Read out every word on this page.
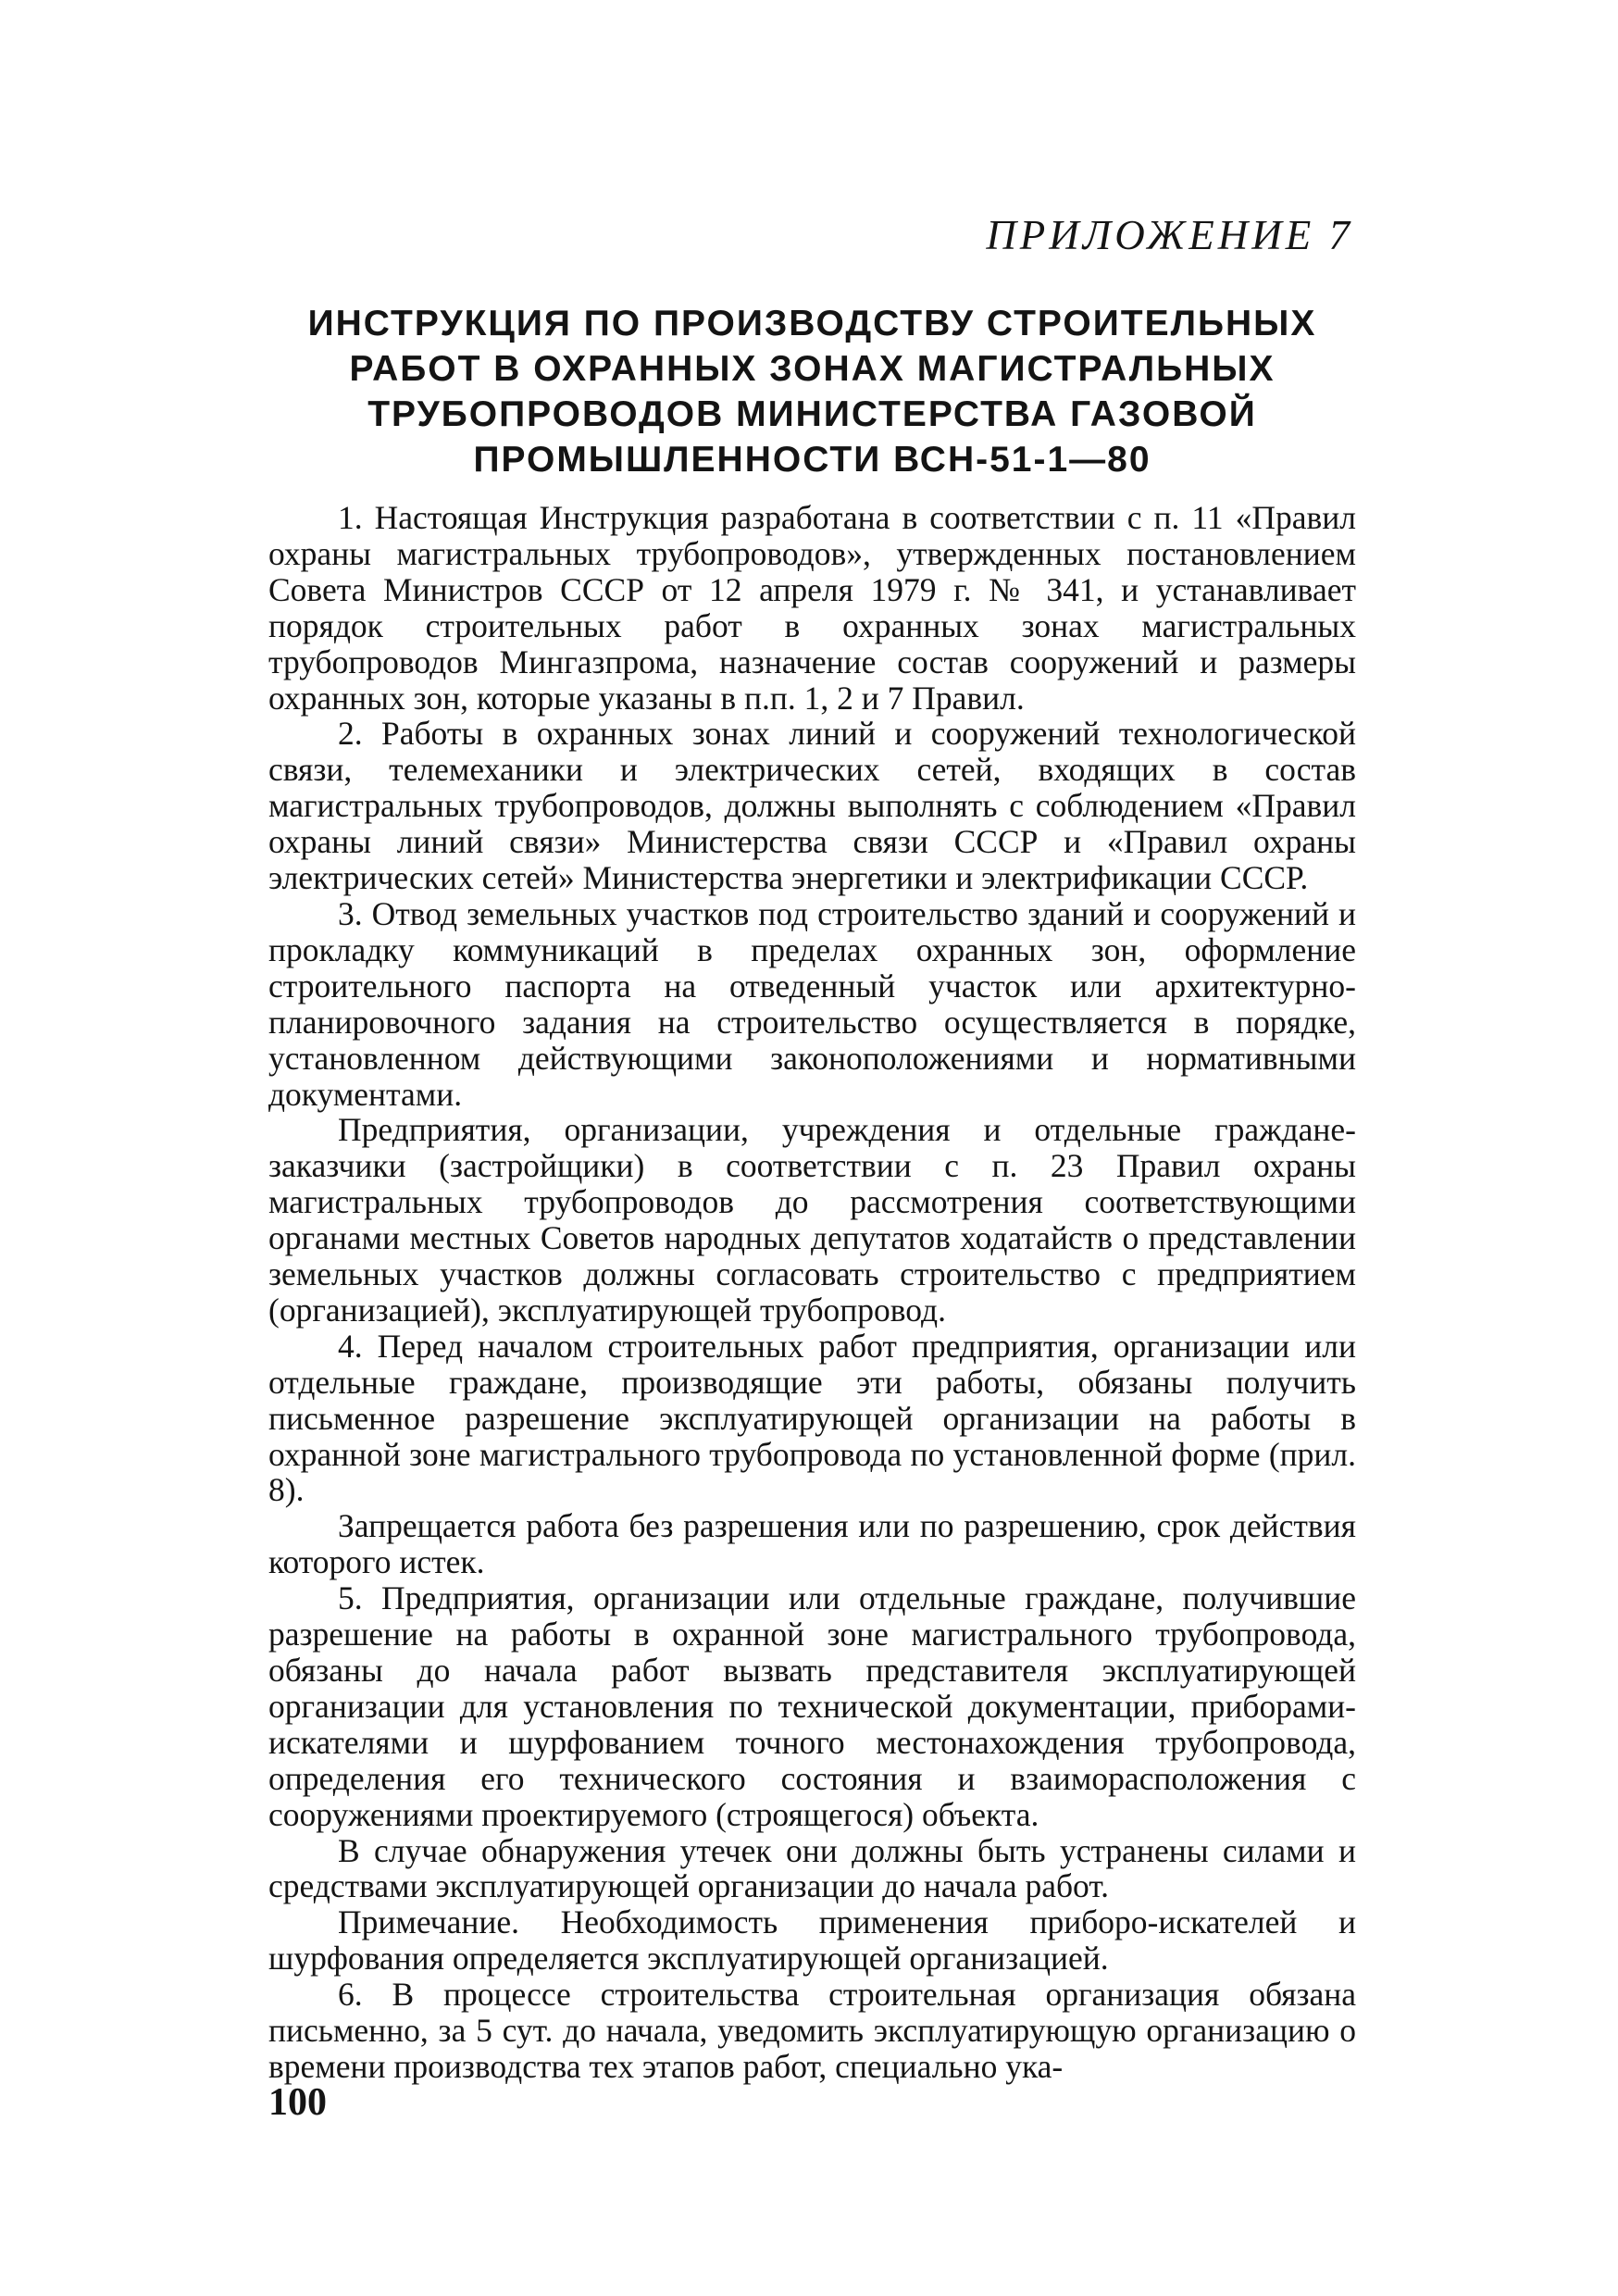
ПРИЛОЖЕНИЕ 7
ИНСТРУКЦИЯ ПО ПРОИЗВОДСТВУ СТРОИТЕЛЬНЫХ
РАБОТ В ОХРАННЫХ ЗОНАХ МАГИСТРАЛЬНЫХ
ТРУБОПРОВОДОВ МИНИСТЕРСТВА ГАЗОВОЙ
ПРОМЫШЛЕННОСТИ ВСН-51-1—80

1. Настоящая Инструкция разработана в соответствии с п. 11 «Правил охраны магистральных трубопроводов», утвержденных постановлением Совета Министров СССР от 12 апреля 1979 г. № 341, и устанавливает порядок строительных работ в охранных зонах магистральных трубопроводов Мингазпрома, назначение состав сооружений и размеры охранных зон, которые указаны в п.п. 1, 2 и 7 Правил.

2. Работы в охранных зонах линий и сооружений технологической связи, телемеханики и электрических сетей, входящих в состав магистральных трубопроводов, должны выполнять с соблюдением «Правил охраны линий связи» Министерства связи СССР и «Правил охраны электрических сетей» Министерства энергетики и электрификации СССР.

3. Отвод земельных участков под строительство зданий и сооружений и прокладку коммуникаций в пределах охранных зон, оформление строительного паспорта на отведенный участок или архитектурно-планировочного задания на строительство осуществляется в порядке, установленном действующими законоположениями и нормативными документами.

Предприятия, организации, учреждения и отдельные граждане-заказчики (застройщики) в соответствии с п. 23 Правил охраны магистральных трубопроводов до рассмотрения соответствующими органами местных Советов народных депутатов ходатайств о представлении земельных участков должны согласовать строительство с предприятием (организацией), эксплуатирующей трубопровод.

4. Перед началом строительных работ предприятия, организации или отдельные граждане, производящие эти работы, обязаны получить письменное разрешение эксплуатирующей организации на работы в охранной зоне магистрального трубопровода по установленной форме (прил. 8).

Запрещается работа без разрешения или по разрешению, срок действия которого истек.

5. Предприятия, организации или отдельные граждане, получившие разрешение на работы в охранной зоне магистрального трубопровода, обязаны до начала работ вызвать представителя эксплуатирующей организации для установления по технической документации, приборами-искателями и шурфованием точного местонахождения трубопровода, определения его технического состояния и взаиморасположения с сооружениями проектируемого (строящегося) объекта.

В случае обнаружения утечек они должны быть устранены силами и средствами эксплуатирующей организации до начала работ.

Примечание. Необходимость применения приборо-искателей и шурфования определяется эксплуатирующей организацией.

6. В процессе строительства строительная организация обязана письменно, за 5 сут. до начала, уведомить эксплуатирующую организацию о времени производства тех этапов работ, специально ука-

100
